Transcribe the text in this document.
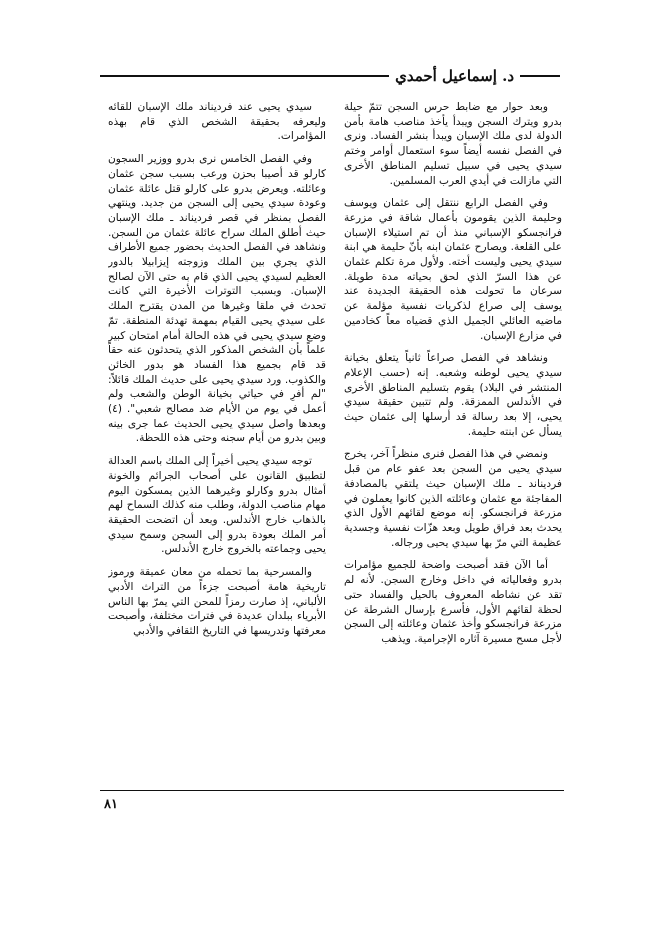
د. إسماعيل أحمدي

سيدي يحيى عند فرديناند ملك الإسبان للقائه وليعرفه بحقيقة الشخص الذي قام بهذه المؤامرات.

وفي الفصل الخامس نرى بدرو ووزير السجون كارلو قد أصيبا بحزن ورعب بسبب سجن عثمان وعائلته. ويعرض بدرو على كارلو قتل عائلة عثمان وعودة سيدي يحيى إلى السجن من جديد. وينتهي الفصل بمنظر في قصر فرديناند ـ ملك الإسبان حيث أطلق الملك سراح عائلة عثمان من السجن. ونشاهد في الفصل الحديث بحضور جميع الأطراف الذي يجري بين الملك وزوجته إيزابيلا بالدور العظيم لسيدي يحيى الذي قام به حتى الآن لصالح الإسبان. وبسبب التوترات الأخيرة التي كانت تحدث في ملقا وغيرها من المدن يقترح الملك على سيدي يحيى القيام بمهمة تهدئة المنطقة. تمّ وضع سيدي يحيى في هذه الحالة أمام امتحان كبير علماً بأن الشخص المذكور الذي يتحدثون عنه حقاً قد قام بجميع هذا الفساد هو بدور الخائن والكذوب. ورد سيدي يحيى على حديث الملك قائلاً: "لم أفرِ في حياتي بخيانة الوطن والشعب ولم أعمل في يوم من الأيام ضد مصالح شعبي". (٤) وبعدها واصل سيدي يحيى الحديث عما جرى بينه وبين بدرو من أيام سجنه وحتى هذه اللحظة.

توجه سيدي يحيى أخيراً إلى الملك باسم العدالة لتطبيق القانون على أصحاب الجرائم والخونة أمثال بدرو وكارلو وغيرهما الذين يمسكون اليوم مهام مناصب الدولة، وطلب منه كذلك السماح لهم بالذهاب خارج الأندلس. وبعد أن اتضحت الحقيقة أمر الملك بعودة بدرو إلى السجن وسمح سيدي يحيى وجماعته بالخروج خارج الأندلس.

والمسرحية بما تحمله من معان عميقة ورموز تاريخية هامة أصبحت جزءاً من التراث الأدبي الألباني، إذ صارت رمزاً للمحن التي يمرّ بها الناس الأبرياء ببلدان عديدة في فترات مختلفة، وأصبحت معرفتها وتدريسها في التاريخ الثقافي والأدبي

وبعد حوار مع ضابط حرس السجن تتمّ حيلة بدرو ويترك السجن ويبدأ يأخذ مناصب هامة بأمن الدولة لدى ملك الإسبان ويبدأ بنشر الفساد. ونرى في الفصل نفسه أيضاً سوء استعمال أوامر وختم سيدي يحيى في سبيل تسليم المناطق الأخرى التي مازالت في أيدي العرب المسلمين.

وفي الفصل الرابع ننتقل إلى عثمان ويوسف وحليمة الذين يقومون بأعمال شاقة في مزرعة فرانجسكو الإسباني منذ أن تم استيلاء الإسبان على القلعة. ويصارح عثمان ابنه بأنّ حليمة هي ابنة سيدي يحيى وليست أخته. ولأول مرة تكلم عثمان عن هذا السرّ الذي لحق بحياته مدة طويلة. سرعان ما تحولت هذه الحقيقة الجديدة عند يوسف إلى صراع لذكريات نفسية مؤلمة عن ماضيه العائلي الجميل الذي قضياه معاً كخادمين في مزارع الإسبان.

ونشاهد في الفصل صراعاً ثانياً يتعلق بخيانة سيدي يحيى لوطنه وشعبه. إنه (حسب الإعلام المنتشر في البلاد) يقوم بتسليم المناطق الأخرى في الأندلس الممزقة. ولم تتبين حقيقة سيدي يحيى، إلا بعد رسالة قد أرسلها إلى عثمان حيث يسأل عن ابنته حليمة.

ونمضي في هذا الفصل فنرى منظراً آخر، يخرج سيدي يحيى من السجن بعد عفو عام من قبل فرديناند ـ ملك الإسبان حيث يلتقي بالمصادفة المفاجئة مع عثمان وعائلته الذين كانوا يعملون في مزرعة فرانجسكو. إنه موضع لقائهم الأول الذي يحدث بعد فراق طويل وبعد هزّات نفسية وجسدية عظيمة التي مرّ بها سيدي يحيى ورجاله.

أما الآن فقد أصبحت واضحة للجميع مؤامرات بدرو وفعالياته في داخل وخارج السجن. لأنه لم تقد عن نشاطه المعروف بالحيل والفساد حتى لحظة لقائهم الأول، فأسرع بإرسال الشرطة عن مزرعة فرانجسكو وأخذ عثمان وعائلته إلى السجن لأجل مسح مسيرة آثاره الإجرامية. ويذهب

٨١
